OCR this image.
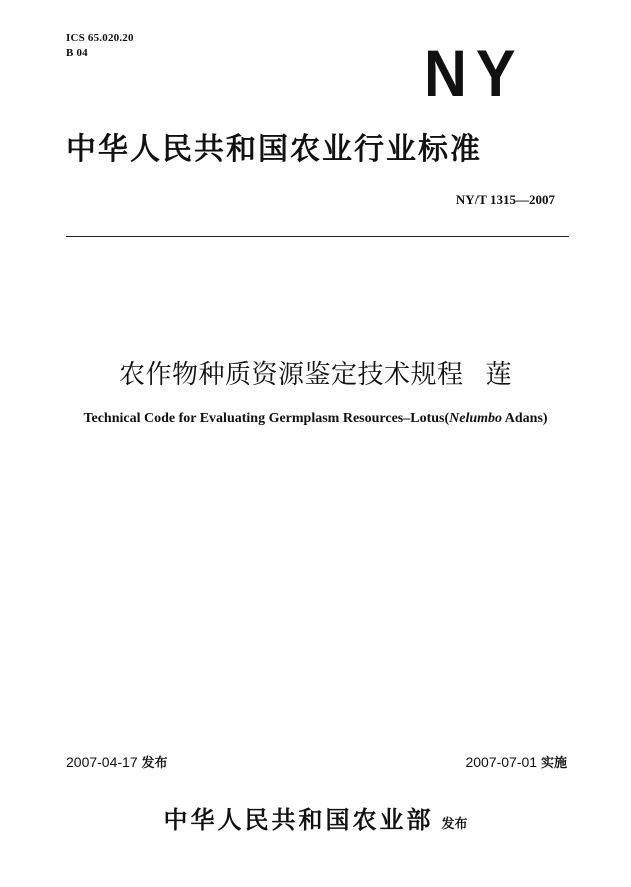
ICS 65.020.20
B 04	NY
中华人民共和国农业行业标准
NY/T 1315—2007
农作物种质资源鉴定技术规程 莲
Technical Code for Evaluating Germplasm Resources–Lotus(Nelumbo Adans)
2007-04-17 发布	2007-07-01 实施
中华人民共和国农业部 发布
